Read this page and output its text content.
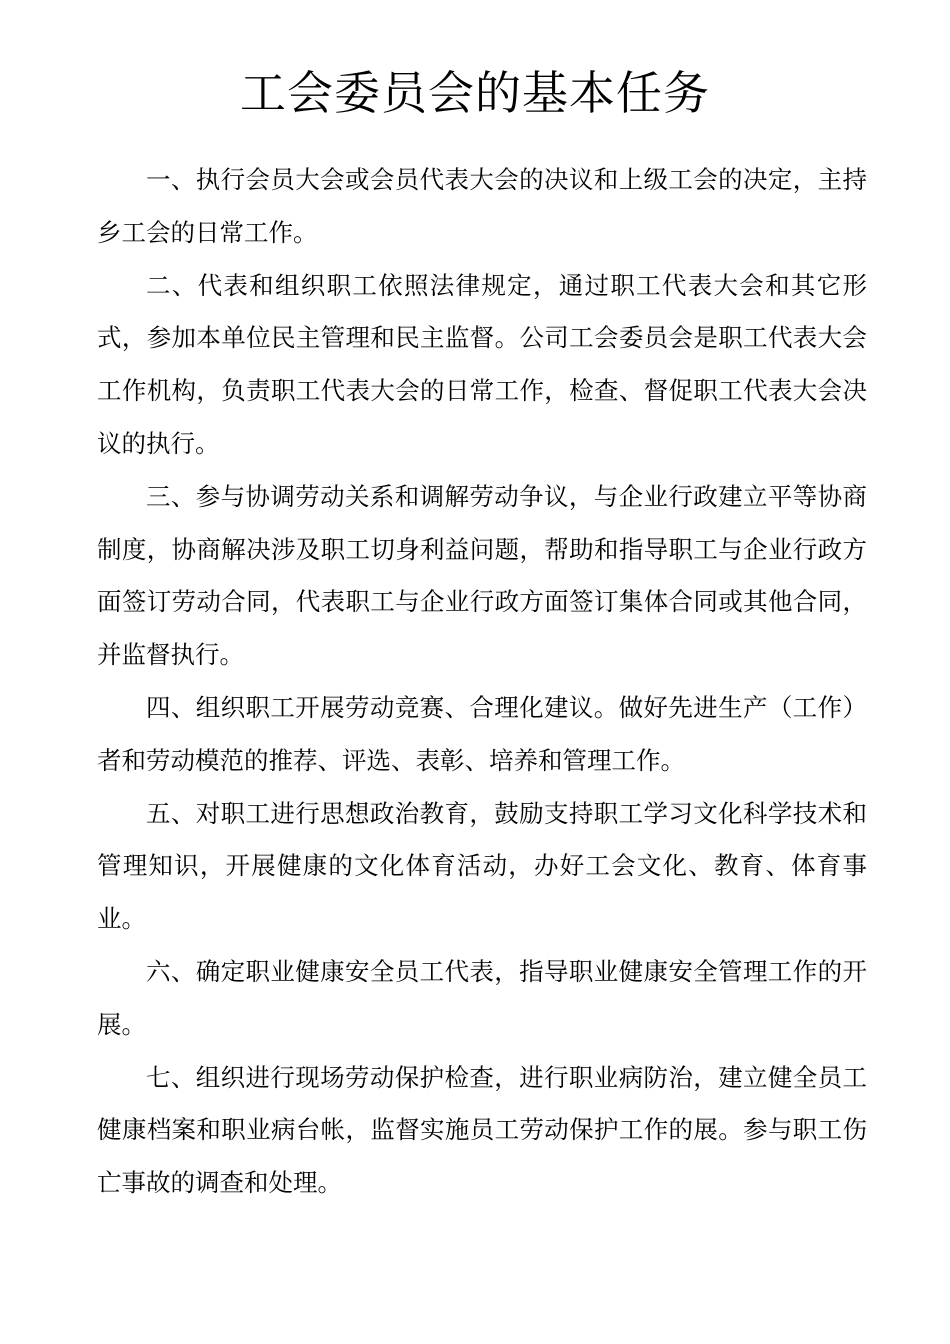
工会委员会的基本任务

一、执行会员大会或会员代表大会的决议和上级工会的决定，主持乡工会的日常工作。

二、代表和组织职工依照法律规定，通过职工代表大会和其它形式，参加本单位民主管理和民主监督。公司工会委员会是职工代表大会工作机构，负责职工代表大会的日常工作，检查、督促职工代表大会决议的执行。

三、参与协调劳动关系和调解劳动争议，与企业行政建立平等协商制度，协商解决涉及职工切身利益问题，帮助和指导职工与企业行政方面签订劳动合同，代表职工与企业行政方面签订集体合同或其他合同，并监督执行。

四、组织职工开展劳动竞赛、合理化建议。做好先进生产（工作）者和劳动模范的推荐、评选、表彰、培养和管理工作。

五、对职工进行思想政治教育，鼓励支持职工学习文化科学技术和管理知识，开展健康的文化体育活动，办好工会文化、教育、体育事业。

六、确定职业健康安全员工代表，指导职业健康安全管理工作的开展。

七、组织进行现场劳动保护检查，进行职业病防治，建立健全员工健康档案和职业病台帐，监督实施员工劳动保护工作的展。参与职工伤亡事故的调查和处理。
